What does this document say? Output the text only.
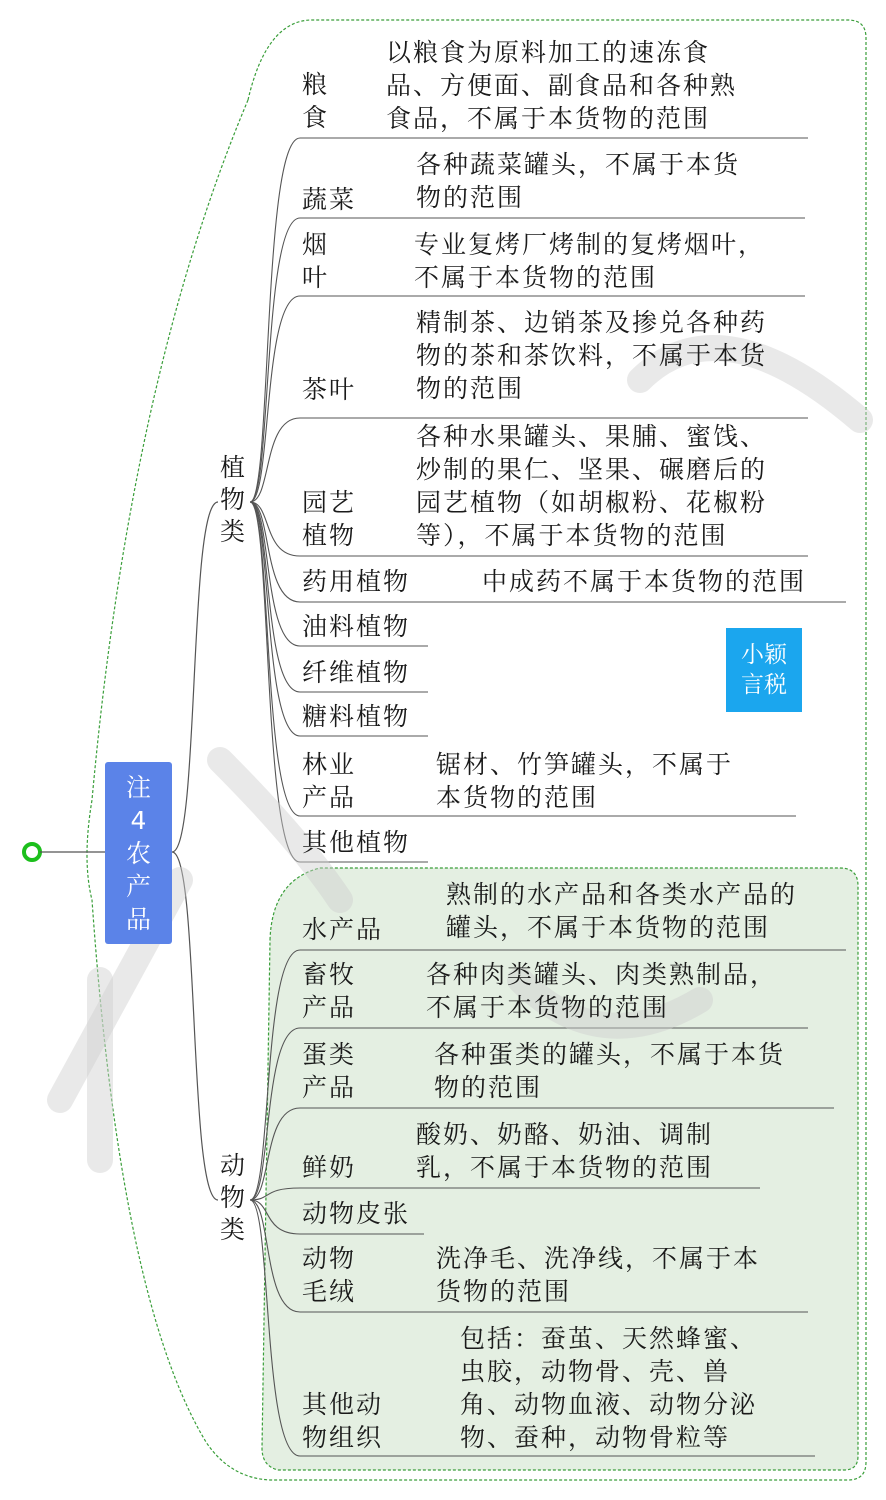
注
4
农
产
品
植
物
类
动
物
类
粮
食
以粮食为原料加工的速冻食
品、方便面、副食品和各种熟
食品，不属于本货物的范围
蔬菜
各种蔬菜罐头，不属于本货
物的范围
烟
叶
专业复烤厂烤制的复烤烟叶，
不属于本货物的范围
茶叶
精制茶、边销茶及掺兑各种药
物的茶和茶饮料，不属于本货
物的范围
园艺
植物
各种水果罐头、果脯、蜜饯、
炒制的果仁、坚果、碾磨后的
园艺植物（如胡椒粉、花椒粉
等），不属于本货物的范围
药用植物	中成药不属于本货物的范围
油料植物
纤维植物
糖料植物
林业
产品
锯材、竹笋罐头，不属于
本货物的范围
其他植物
小颖
言税
水产品
熟制的水产品和各类水产品的
罐头，不属于本货物的范围
畜牧
产品
各种肉类罐头、肉类熟制品，
不属于本货物的范围
蛋类
产品
各种蛋类的罐头，不属于本货
物的范围
鲜奶
酸奶、奶酪、奶油、调制
乳，不属于本货物的范围
动物皮张
动物
毛绒
洗净毛、洗净线，不属于本
货物的范围
其他动
物组织
包括：蚕茧、天然蜂蜜、
虫胶，动物骨、壳、兽
角、动物血液、动物分泌
物、蚕种，动物骨粒等
